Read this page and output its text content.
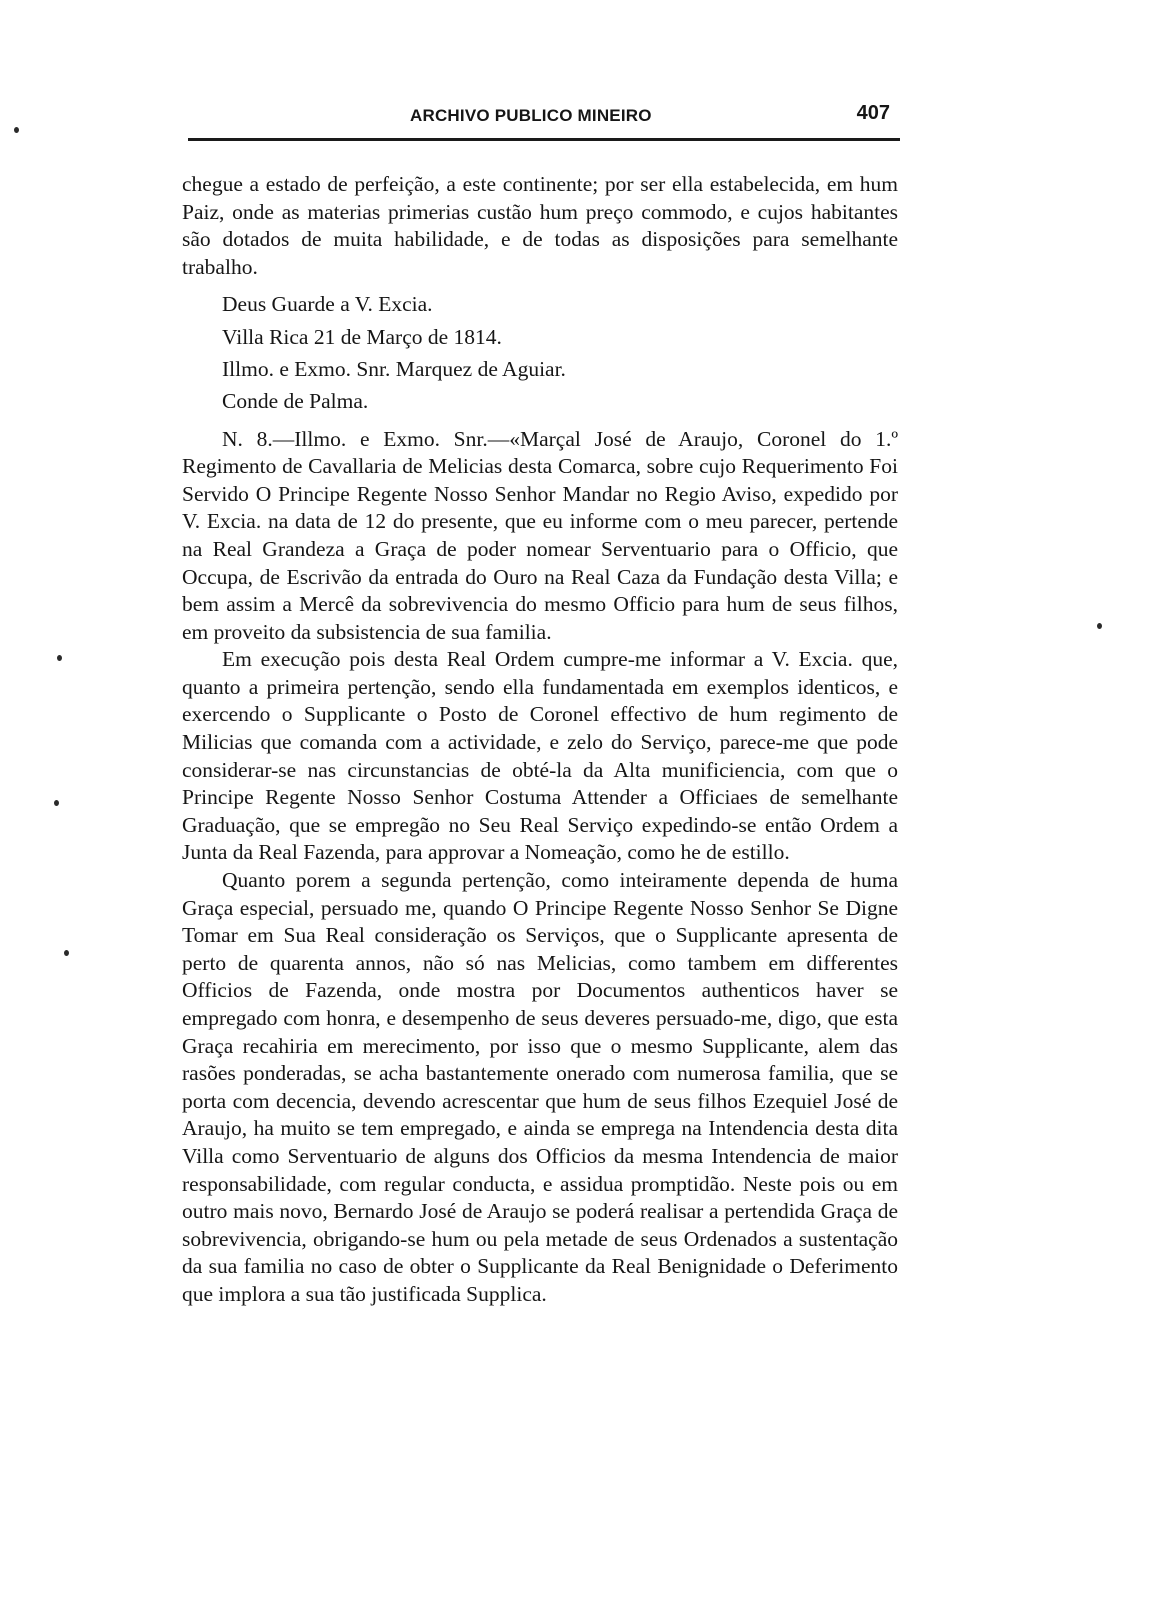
ARCHIVO PUBLICO MINEIRO	407

chegue a estado de perfeição, a este continente; por ser ella estabelecida, em hum Paiz, onde as materias primerias custão hum preço commodo, e cujos habitantes são dotados de muita habilidade, e de todas as disposições para semelhante trabalho.

Deus Guarde a V. Excia.

Villa Rica 21 de Março de 1814.

Illmo. e Exmo. Snr. Marquez de Aguiar.

Conde de Palma.

N. 8.—Illmo. e Exmo. Snr.—«Marçal José de Araujo, Coronel do 1.º Regimento de Cavallaria de Melicias desta Comarca, sobre cujo Requerimento Foi Servido O Principe Regente Nosso Senhor Mandar no Regio Aviso, expedido por V. Excia. na data de 12 do presente, que eu informe com o meu parecer, pertende na Real Grandeza a Graça de poder nomear Serventuario para o Officio, que Occupa, de Escrivão da entrada do Ouro na Real Caza da Fundação desta Villa; e bem assim a Mercê da sobrevivencia do mesmo Officio para hum de seus filhos, em proveito da subsistencia de sua familia.

Em execução pois desta Real Ordem cumpre-me informar a V. Excia. que, quanto a primeira pertenção, sendo ella fundamentada em exemplos identicos, e exercendo o Supplicante o Posto de Coronel effectivo de hum regimento de Milicias que comanda com a actividade, e zelo do Serviço, parece-me que pode considerar-se nas circunstancias de obté-la da Alta munificiencia, com que o Principe Regente Nosso Senhor Costuma Attender a Officiaes de semelhante Graduação, que se empregão no Seu Real Serviço expedindo-se então Ordem a Junta da Real Fazenda, para approvar a Nomeação, como he de estillo.

Quanto porem a segunda pertenção, como inteiramente dependa de huma Graça especial, persuado me, quando O Principe Regente Nosso Senhor Se Digne Tomar em Sua Real consideração os Serviços, que o Supplicante apresenta de perto de quarenta annos, não só nas Melicias, como tambem em differentes Officios de Fazenda, onde mostra por Documentos authenticos haver se empregado com honra, e desempenho de seus deveres persuado-me, digo, que esta Graça recahiria em merecimento, por isso que o mesmo Supplicante, alem das rasões ponderadas, se acha bastantemente onerado com numerosa familia, que se porta com decencia, devendo acrescentar que hum de seus filhos Ezequiel José de Araujo, ha muito se tem empregado, e ainda se emprega na Intendencia desta dita Villa como Serventuario de alguns dos Officios da mesma Intendencia de maior responsabilidade, com regular conducta, e assidua promptidão. Neste pois ou em outro mais novo, Bernardo José de Araujo se poderá realisar a pertendida Graça de sobrevivencia, obrigando-se hum ou pela metade de seus Ordenados a sustentação da sua familia no caso de obter o Supplicante da Real Benignidade o Deferimento que implora a sua tão justificada Supplica.
